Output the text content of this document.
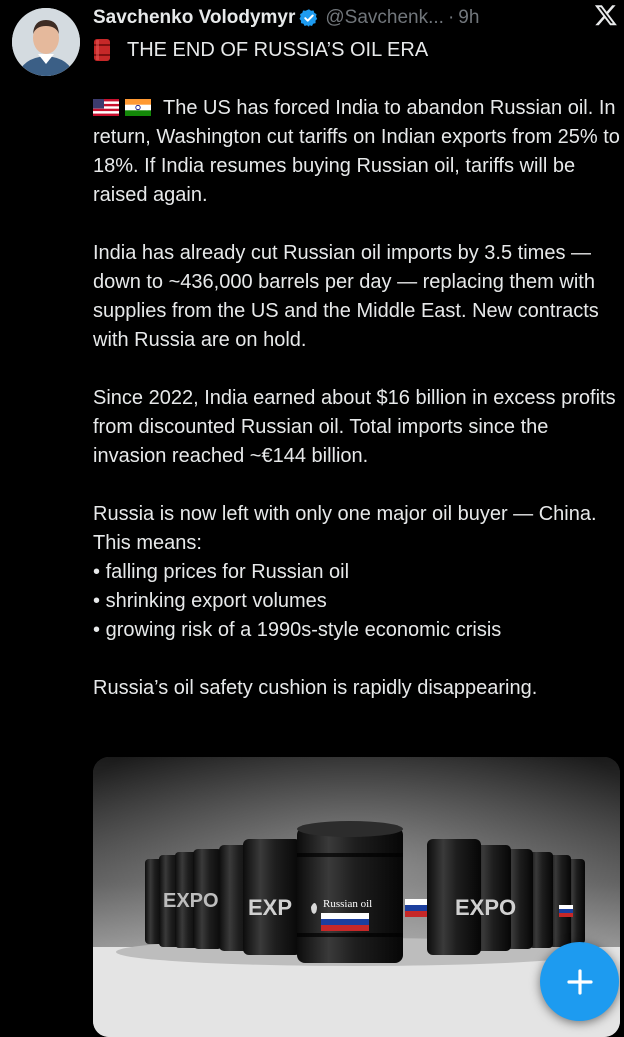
Savchenko Volodymyr @Savchenk... · 9h
THE END OF RUSSIA’S OIL ERA

The US has forced India to abandon Russian oil. In return, Washington cut tariffs on Indian exports from 25% to 18%. If India resumes buying Russian oil, tariffs will be raised again.

India has already cut Russian oil imports by 3.5 times — down to ~436,000 barrels per day — replacing them with supplies from the US and the Middle East. New contracts with Russia are on hold.

Since 2022, India earned about $16 billion in excess profits from discounted Russian oil. Total imports since the invasion reached ~€144 billion.

Russia is now left with only one major oil buyer — China. This means:
• falling prices for Russian oil
• shrinking export volumes
• growing risk of a 1990s-style economic crisis

Russia’s oil safety cushion is rapidly disappearing.

EXPO EXP	EXPO
Russian oil
